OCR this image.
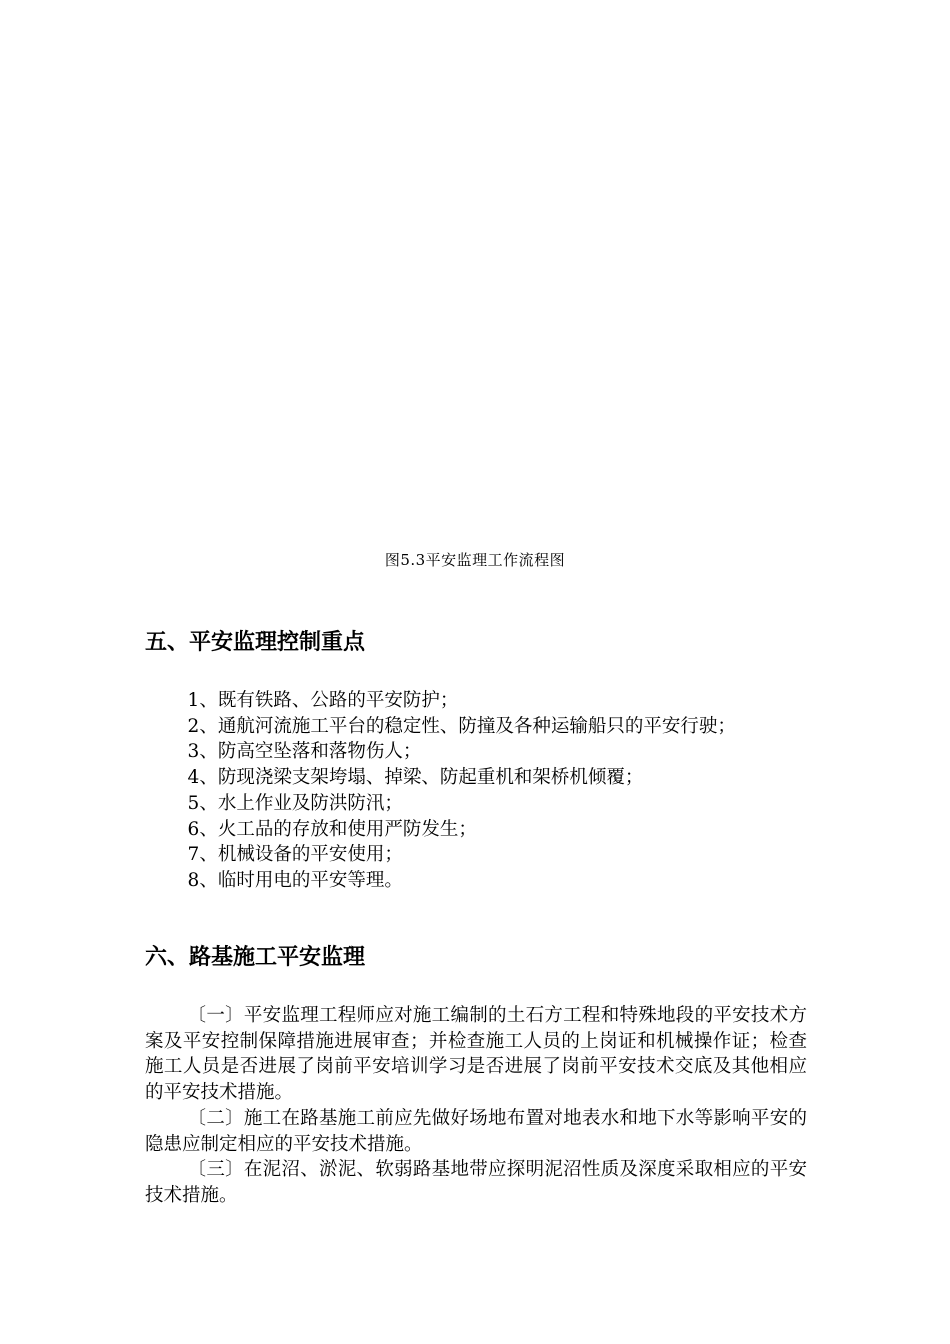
图5.3平安监理工作流程图
五、平安监理控制重点
1、既有铁路、公路的平安防护；
2、通航河流施工平台的稳定性、防撞及各种运输船只的平安行驶；
3、防高空坠落和落物伤人；
4、防现浇梁支架垮塌、掉梁、防起重机和架桥机倾覆；
5、水上作业及防洪防汛；
6、火工品的存放和使用严防发生；
7、机械设备的平安使用；
8、临时用电的平安等理。
六、路基施工平安监理
〔一〕平安监理工程师应对施工编制的土石方工程和特殊地段的平安技术方案及平安控制保障措施进展审查；并检查施工人员的上岗证和机械操作证；检查施工人员是否进展了岗前平安培训学习是否进展了岗前平安技术交底及其他相应的平安技术措施。
〔二〕施工在路基施工前应先做好场地布置对地表水和地下水等影响平安的隐患应制定相应的平安技术措施。
〔三〕在泥沼、淤泥、软弱路基地带应探明泥沼性质及深度采取相应的平安技术措施。
